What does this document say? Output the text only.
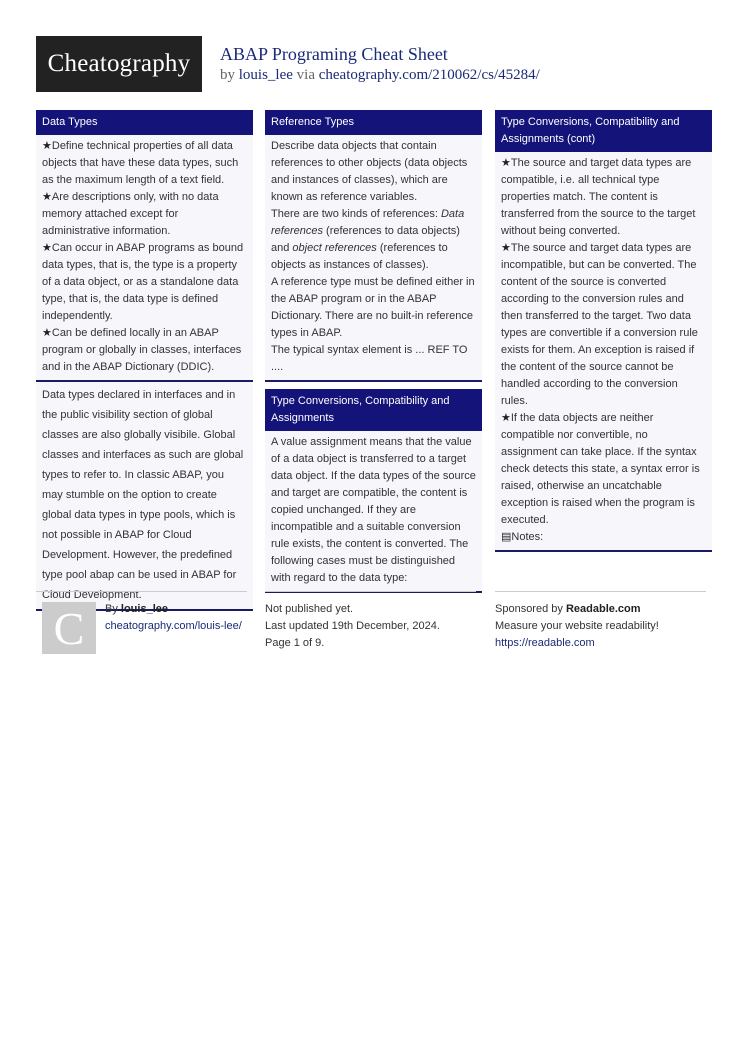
Cheatography	ABAP Programing Cheat Sheet
by louis_lee via cheatography.com/210062/cs/45284/
Data Types

★Define technical properties of all data objects that have these data types, such as the maximum length of a text field.

★Are descriptions only, with no data memory attached except for administrative information.

★Can occur in ABAP programs as bound data types, that is, the type is a property of a data object, or as a standalone data type, that is, the data type is defined independently.

★Can be defined locally in an ABAP program or globally in classes, interfaces and in the ABAP Dictionary (DDIC).

Data types declared in interfaces and in the public visibility section of global classes are also globally visibile. Global classes and interfaces as such are global types to refer to. In classic ABAP, you may stumble on the option to create global data types in type pools, which is not possible in ABAP for Cloud Development. However, the predefined type pool abap can be used in ABAP for Cloud Development.

Reference Types

Describe data objects that contain references to other objects (data objects and instances of classes), which are known as reference variables.

There are two kinds of references: Data references (references to data objects) and object references (references to objects as instances of classes).

A reference type must be defined either in the ABAP program or in the ABAP Dictionary. There are no built-in reference types in ABAP.

The typical syntax element is ... REF TO ....

Type Conversions, Compatibility and Assignments

A value assignment means that the value of a data object is transferred to a target data object. If the data types of the source and target are compatible, the content is copied unchanged. If they are incompatible and a suitable conversion rule exists, the content is converted. The following cases must be distinguished with regard to the data type:

Type Conversions, Compatibility and Assignments (cont)

★The source and target data types are compatible, i.e. all technical type properties match. The content is transferred from the source to the target without being converted.

★The source and target data types are incompatible, but can be converted. The content of the source is converted according to the conversion rules and then transferred to the target. Two data types are convertible if a conversion rule exists for them. An exception is raised if the content of the source cannot be handled according to the conversion rules.

★If the data objects are neither compatible nor convertible, no assignment can take place. If the syntax check detects this state, a syntax error is raised, otherwise an uncatchable exception is raised when the program is executed.

▤Notes:

C	By louis_lee
cheatography.com/louis-lee/
Not published yet.
Last updated 19th December, 2024.
Page 1 of 9.
Sponsored by Readable.com
Measure your website readability!
https://readable.com
